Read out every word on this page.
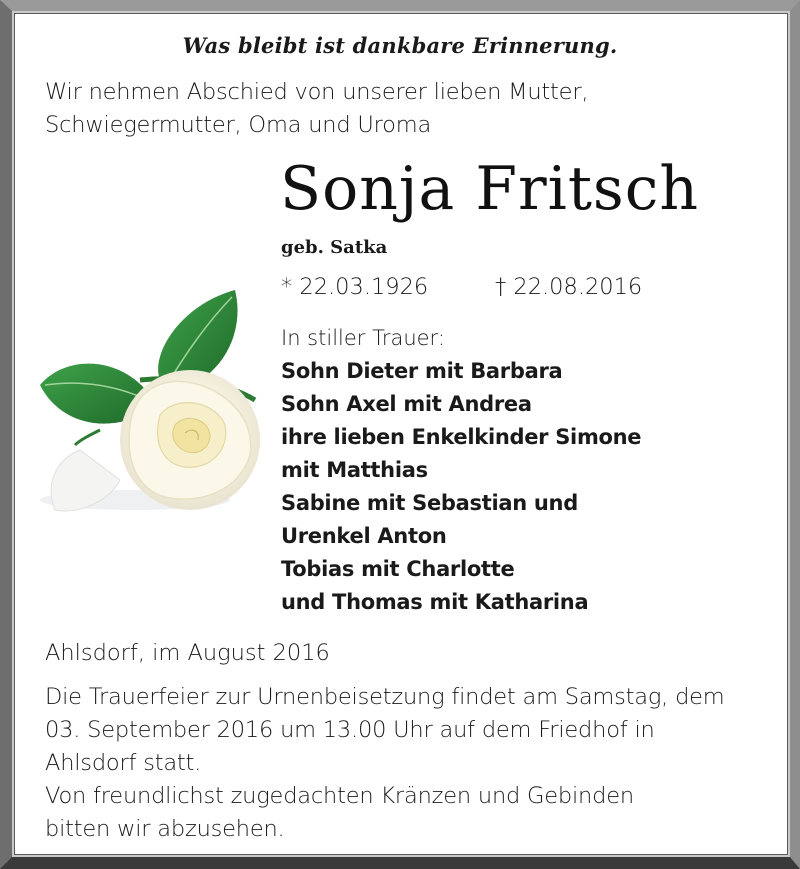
Was bleibt ist dankbare Erinnerung.
Wir nehmen Abschied von unserer lieben Mutter,
Schwiegermutter, Oma und Uroma
Sonja Fritsch
geb. Satka
* 22.03.1926	† 22.08.2016
In stiller Trauer:
Sohn Dieter mit Barbara
Sohn Axel mit Andrea
ihre lieben Enkelkinder Simone
mit Matthias
Sabine mit Sebastian und
Urenkel Anton
Tobias mit Charlotte
und Thomas mit Katharina
Ahlsdorf, im August 2016
Die Trauerfeier zur Urnenbeisetzung findet am Samstag, dem
03. September 2016 um 13.00 Uhr auf dem Friedhof in
Ahlsdorf statt.
Von freundlichst zugedachten Kränzen und Gebinden
bitten wir abzusehen.
